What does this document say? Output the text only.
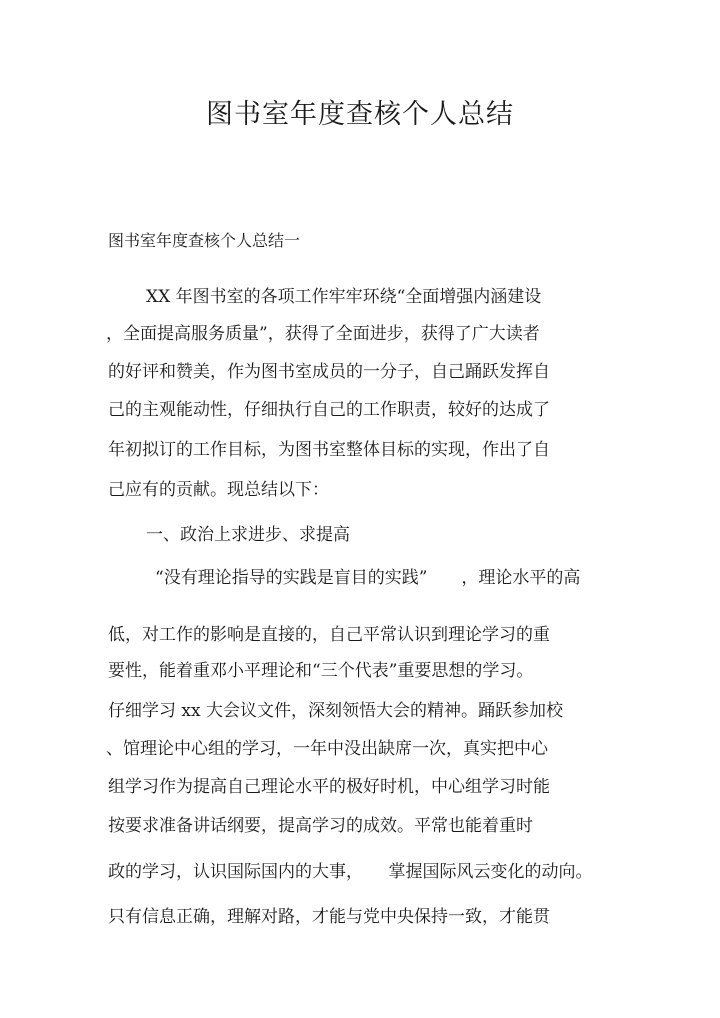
图书室年度查核个人总结

图书室年度查核个人总结一

XX 年图书室的各项工作牢牢环绕“全面增强内涵建设

，全面提高服务质量”，获得了全面进步，获得了广大读者

的好评和赞美，作为图书室成员的一分子，自己踊跃发挥自

己的主观能动性，仔细执行自己的工作职责，较好的达成了

年初拟订的工作目标，为图书室整体目标的实现，作出了自

己应有的贡献。现总结以下：

一、政治上求进步、求提高

“没有理论指导的实践是盲目的实践”　　，理论水平的高

低，对工作的影响是直接的，自己平常认识到理论学习的重

要性，能着重邓小平理论和“三个代表”重要思想的学习。

仔细学习 xx 大会议文件，深刻领悟大会的精神。踊跃参加校

、馆理论中心组的学习，一年中没出缺席一次，真实把中心

组学习作为提高自己理论水平的极好时机，中心组学习时能

按要求准备讲话纲要，提高学习的成效。平常也能着重时

政的学习，认识国际国内的大事，　　掌握国际风云变化的动向。

只有信息正确，理解对路，才能与党中央保持一致，才能贯
